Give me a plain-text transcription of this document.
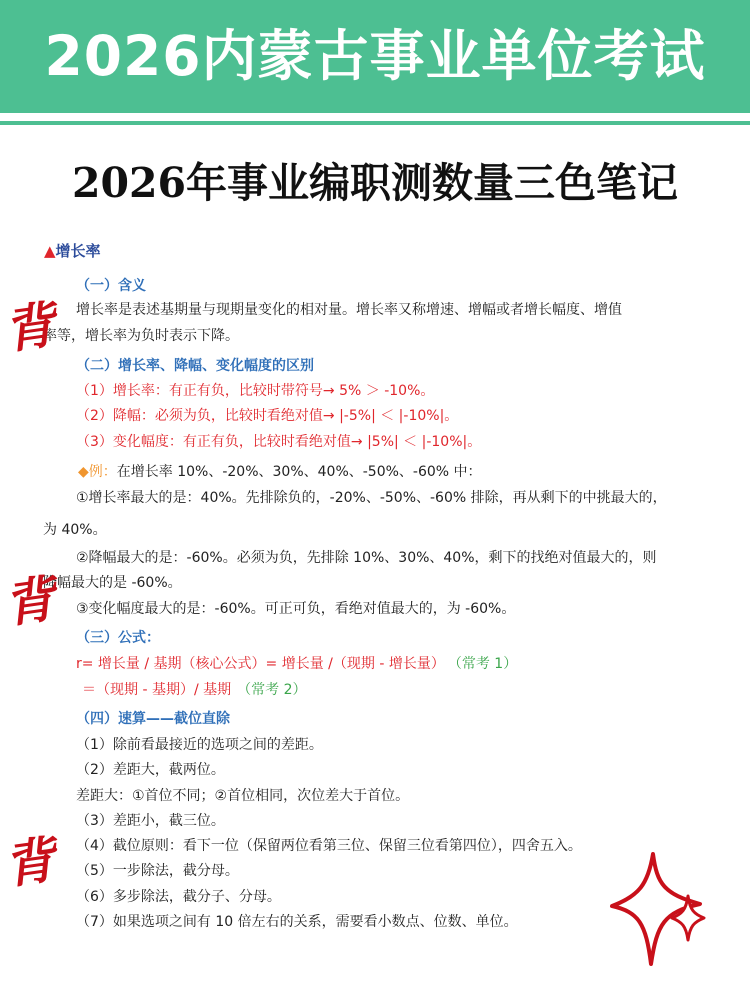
2026内蒙古事业单位考试
2026年事业编职测数量三色笔记
▲增长率
（一）含义
增长率是表述基期量与现期量变化的相对量。增长率又称增速、增幅或者增长幅度、增值
率等，增长率为负时表示下降。
（二）增长率、降幅、变化幅度的区别
（1）增长率：有正有负，比较时带符号→ 5% ＞ -10%。
（2）降幅：必须为负，比较时看绝对值→ |-5%| ＜ |-10%|。
（3）变化幅度：有正有负，比较时看绝对值→ |5%| ＜ |-10%|。
◆例：在增长率 10%、-20%、30%、40%、-50%、-60% 中：
①增长率最大的是：40%。先排除负的，-20%、-50%、-60% 排除，再从剩下的中挑最大的，
为 40%。
②降幅最大的是：-60%。必须为负，先排除 10%、30%、40%，剩下的找绝对值最大的，则
降幅最大的是 -60%。
③变化幅度最大的是：-60%。可正可负，看绝对值最大的，为 -60%。
（三）公式：
r= 增长量 / 基期（核心公式）= 增长量 /（现期 - 增长量） （常考 1）
＝（现期 - 基期）/ 基期 （常考 2）
（四）速算——截位直除
（1）除前看最接近的选项之间的差距。
（2）差距大，截两位。
差距大：①首位不同；②首位相同，次位差大于首位。
（3）差距小，截三位。
（4）截位原则：看下一位（保留两位看第三位、保留三位看第四位），四舍五入。
（5）一步除法，截分母。
（6）多步除法，截分子、分母。
（7）如果选项之间有 10 倍左右的关系，需要看小数点、位数、单位。
背
背
背
